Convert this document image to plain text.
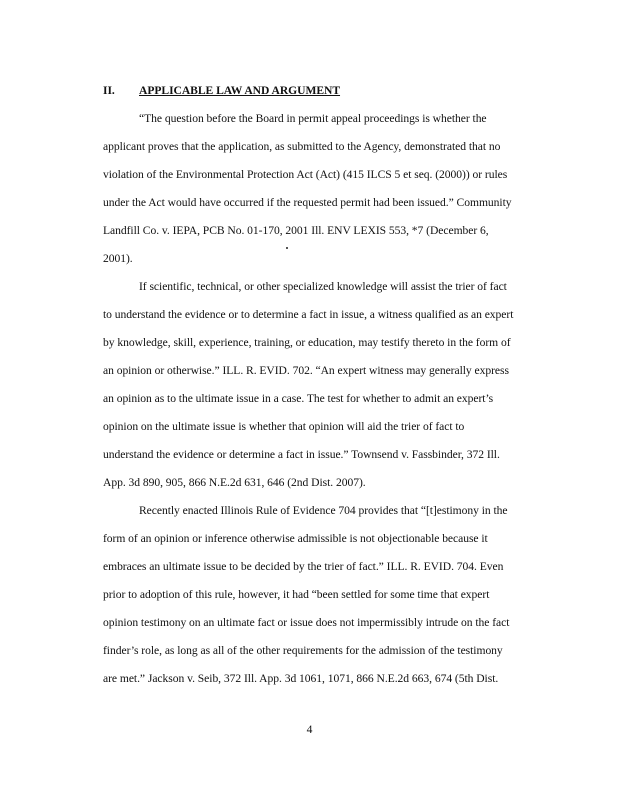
II. APPLICABLE LAW AND ARGUMENT
“The question before the Board in permit appeal proceedings is whether the
applicant proves that the application, as submitted to the Agency, demonstrated that no
violation of the Environmental Protection Act (Act) (415 ILCS 5 et seq. (2000)) or rules
under the Act would have occurred if the requested permit had been issued.” Community
Landfill Co. v. IEPA, PCB No. 01-170, 2001 Ill. ENV LEXIS 553, *7 (December 6,
2001).
If scientific, technical, or other specialized knowledge will assist the trier of fact
to understand the evidence or to determine a fact in issue, a witness qualified as an expert
by knowledge, skill, experience, training, or education, may testify thereto in the form of
an opinion or otherwise.” ILL. R. EVID. 702. “An expert witness may generally express
an opinion as to the ultimate issue in a case. The test for whether to admit an expert’s
opinion on the ultimate issue is whether that opinion will aid the trier of fact to
understand the evidence or determine a fact in issue.” Townsend v. Fassbinder, 372 Ill.
App. 3d 890, 905, 866 N.E.2d 631, 646 (2nd Dist. 2007).
Recently enacted Illinois Rule of Evidence 704 provides that “[t]estimony in the
form of an opinion or inference otherwise admissible is not objectionable because it
embraces an ultimate issue to be decided by the trier of fact.” ILL. R. EVID. 704. Even
prior to adoption of this rule, however, it had “been settled for some time that expert
opinion testimony on an ultimate fact or issue does not impermissibly intrude on the fact
finder’s role, as long as all of the other requirements for the admission of the testimony
are met.” Jackson v. Seib, 372 Ill. App. 3d 1061, 1071, 866 N.E.2d 663, 674 (5th Dist.
4
